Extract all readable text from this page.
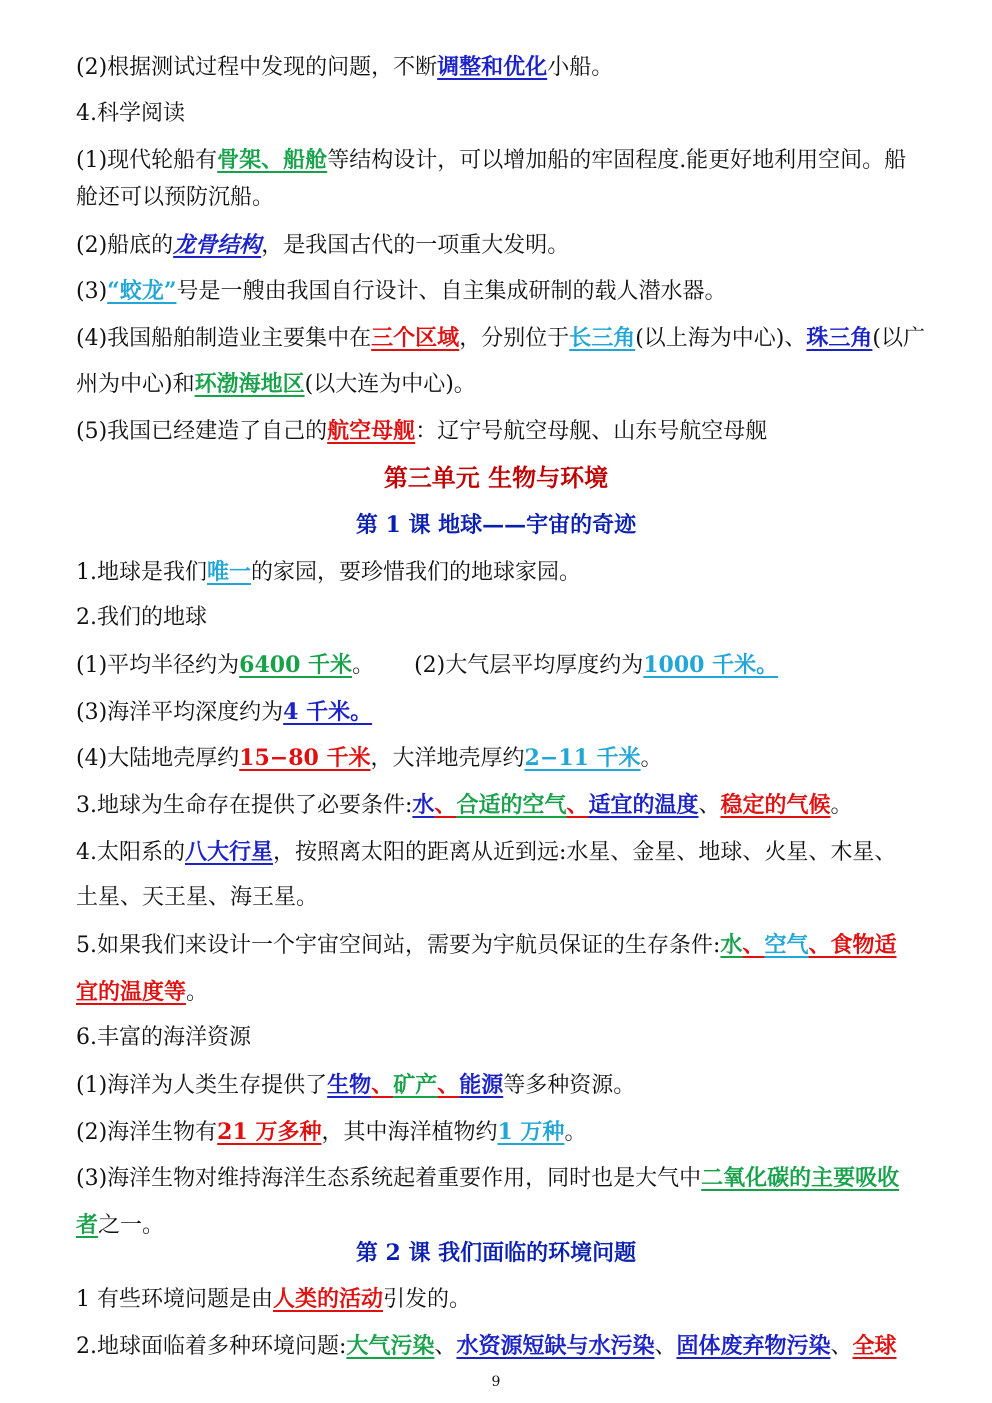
(2)根据测试过程中发现的问题，不断调整和优化小船。
4.科学阅读
(1)现代轮船有骨架、船舱等结构设计，可以增加船的牢固程度.能更好地利用空间。船
舱还可以预防沉船。
(2)船底的龙骨结构，是我国古代的一项重大发明。
(3)“蛟龙”号是一艘由我国自行设计、自主集成研制的载人潜水器。
(4)我国船舶制造业主要集中在三个区域，分别位于长三角(以上海为中心)、珠三角(以广
州为中心)和环渤海地区(以大连为中心)。
(5)我国已经建造了自己的航空母舰：辽宁号航空母舰、山东号航空母舰
第三单元 生物与环境
第 1 课 地球——宇宙的奇迹
1.地球是我们唯一的家园，要珍惜我们的地球家园。
2.我们的地球
(1)平均半径约为6400 千米。 (2)大气层平均厚度约为1000 千米。
(3)海洋平均深度约为4 千米。
(4)大陆地壳厚约15−80 千米，大洋地壳厚约2−11 千米。
3.地球为生命存在提供了必要条件:水、合适的空气、适宜的温度、稳定的气候。
4.太阳系的八大行星，按照离太阳的距离从近到远:水星、金星、地球、火星、木星、
土星、天王星、海王星。
5.如果我们来设计一个宇宙空间站，需要为宇航员保证的生存条件:水、空气、食物适
宜的温度等。
6.丰富的海洋资源
(1)海洋为人类生存提供了生物、矿产、能源等多种资源。
(2)海洋生物有21 万多种，其中海洋植物约1 万种。
(3)海洋生物对维持海洋生态系统起着重要作用，同时也是大气中二氧化碳的主要吸收
者之一。
第 2 课 我们面临的环境问题
1 有些环境问题是由人类的活动引发的。
2.地球面临着多种环境问题:大气污染、水资源短缺与水污染、固体废弃物污染、全球
9
